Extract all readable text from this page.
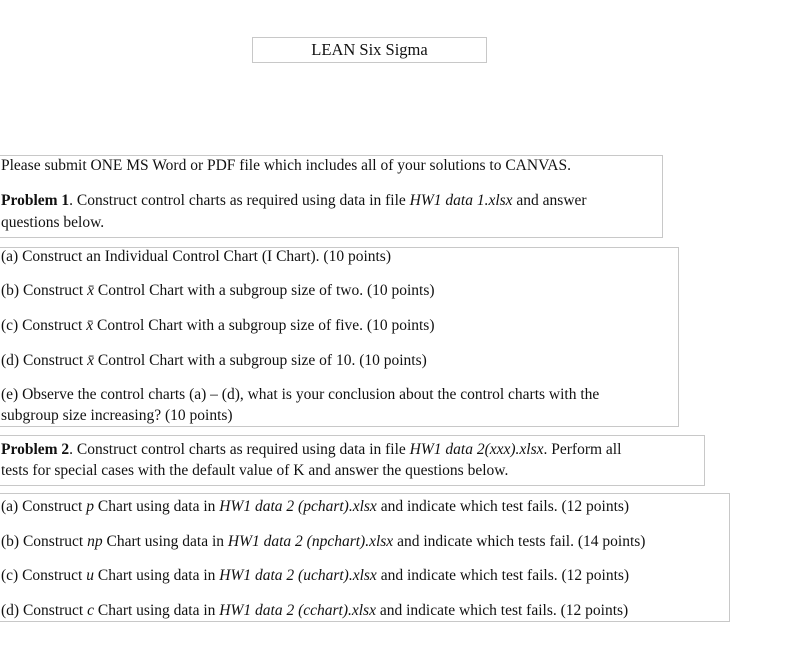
LEAN Six Sigma
Please submit ONE MS Word or PDF file which includes all of your solutions to CANVAS.
Problem 1. Construct control charts as required using data in file HW1 data 1.xlsx and answer
questions below.
(a) Construct an Individual Control Chart (I Chart). (10 points)
(b) Construct x̄ Control Chart with a subgroup size of two. (10 points)
(c) Construct x̄ Control Chart with a subgroup size of five. (10 points)
(d) Construct x̄ Control Chart with a subgroup size of 10. (10 points)
(e) Observe the control charts (a) – (d), what is your conclusion about the control charts with the
subgroup size increasing? (10 points)
Problem 2. Construct control charts as required using data in file HW1 data 2(xxx).xlsx. Perform all
tests for special cases with the default value of K and answer the questions below.
(a) Construct p Chart using data in HW1 data 2 (pchart).xlsx and indicate which test fails. (12 points)
(b) Construct np Chart using data in HW1 data 2 (npchart).xlsx and indicate which tests fail. (14 points)
(c) Construct u Chart using data in HW1 data 2 (uchart).xlsx and indicate which test fails. (12 points)
(d) Construct c Chart using data in HW1 data 2 (cchart).xlsx and indicate which test fails. (12 points)
